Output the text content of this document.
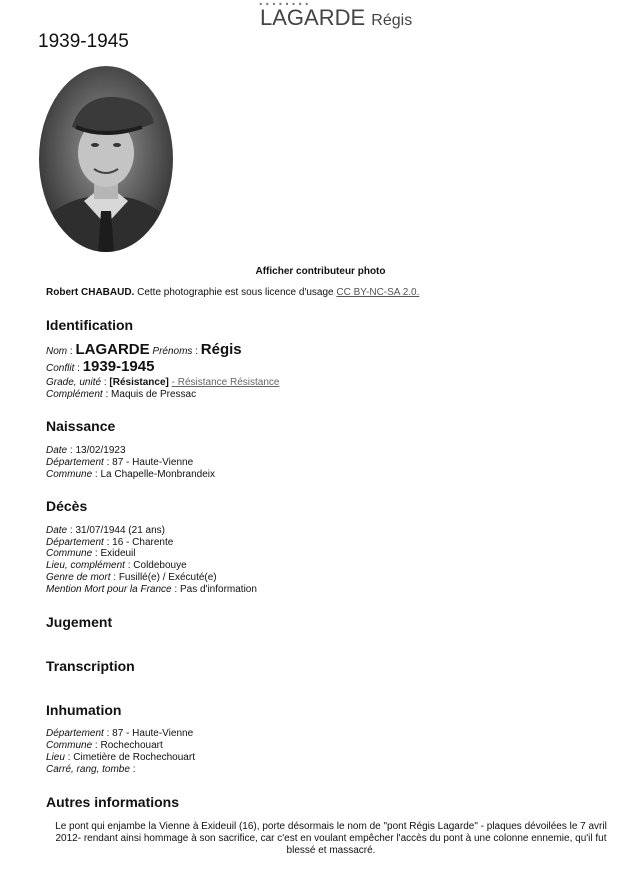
LAGARDE Régis
1939-1945
Afficher contributeur photo
Robert CHABAUD. Cette photographie est sous licence d'usage CC BY-NC-SA 2.0.
Identification
Nom : LAGARDE Prénoms : Régis
Conflit : 1939-1945
Grade, unité : [Résistance] - Résistance Résistance
Complément : Maquis de Pressac
Naissance
Date : 13/02/1923
Département : 87 - Haute-Vienne
Commune : La Chapelle-Monbrandeix
Décès
Date : 31/07/1944 (21 ans)
Département : 16 - Charente
Commune : Exideuil
Lieu, complément : Coldebouye
Genre de mort : Fusillé(e) / Exécuté(e)
Mention Mort pour la France : Pas d'information
Jugement
Transcription
Inhumation
Département : 87 - Haute-Vienne
Commune : Rochechouart
Lieu : Cimetière de Rochechouart
Carré, rang, tombe :
Autres informations
Le pont qui enjambe la Vienne à Exideuil (16), porte désormais le nom de "pont Régis Lagarde" - plaques dévoilées le 7 avril 2012- rendant ainsi hommage à son sacrifice, car c'est en voulant empêcher l'accès du pont à une colonne ennemie, qu'il fut blessé et massacré.
